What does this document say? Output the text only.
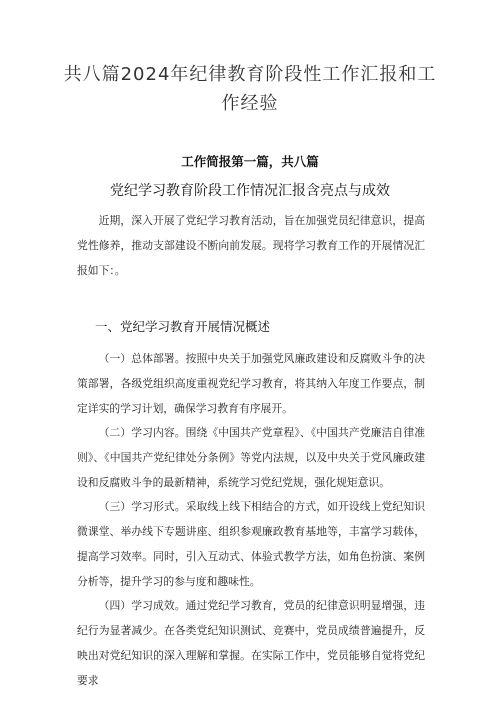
共八篇2024年纪律教育阶段性工作汇报和工作经验
工作简报第一篇，共八篇
党纪学习教育阶段工作情况汇报含亮点与成效

近期，深入开展了党纪学习教育活动，旨在加强党员纪律意识，提高党性修养，推动支部建设不断向前发展。现将学习教育工作的开展情况汇报如下：。

一、党纪学习教育开展情况概述

（一）总体部署。按照中央关于加强党风廉政建设和反腐败斗争的决策部署，各级党组织高度重视党纪学习教育，将其纳入年度工作要点，制定详实的学习计划，确保学习教育有序展开。

（二）学习内容。围绕《中国共产党章程》、《中国共产党廉洁自律准则》、《中国共产党纪律处分条例》等党内法规，以及中央关于党风廉政建设和反腐败斗争的最新精神，系统学习党纪党规，强化规矩意识。

（三）学习形式。采取线上线下相结合的方式，如开设线上党纪知识微课堂、举办线下专题讲座、组织参观廉政教育基地等，丰富学习载体，提高学习效率。同时，引入互动式、体验式教学方法，如角色扮演、案例分析等，提升学习的参与度和趣味性。

（四）学习成效。通过党纪学习教育，党员的纪律意识明显增强，违纪行为显著减少。在各类党纪知识测试、竞赛中，党员成绩普遍提升，反映出对党纪知识的深入理解和掌握。在实际工作中，党员能够自觉将党纪要求
